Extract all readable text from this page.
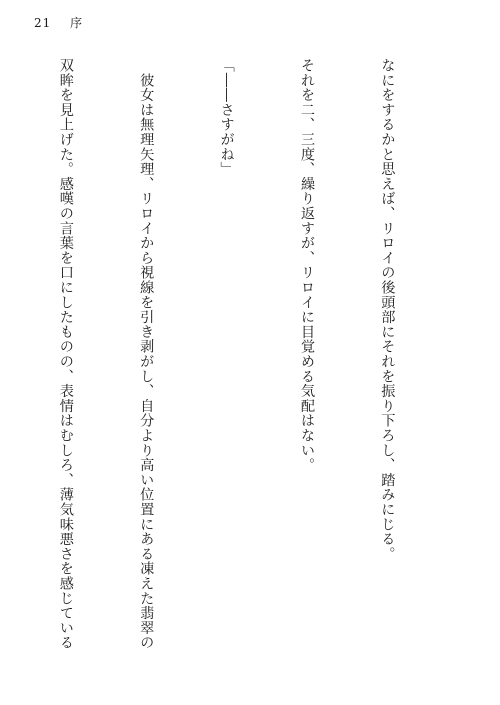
21 序

なにをするかと思えば、リロイの後頭部にそれを振り下ろし、踏みにじる。

それを二、三度、繰り返すが、リロイに目覚める気配はない。

「――さすがね」

　彼女は無理矢理、リロイから視線を引き剥がし、自分より高い位置にある凍えた翡翠の

双眸を見上げた。感嘆の言葉を口にしたものの、表情はむしろ、薄気味悪さを感じている
